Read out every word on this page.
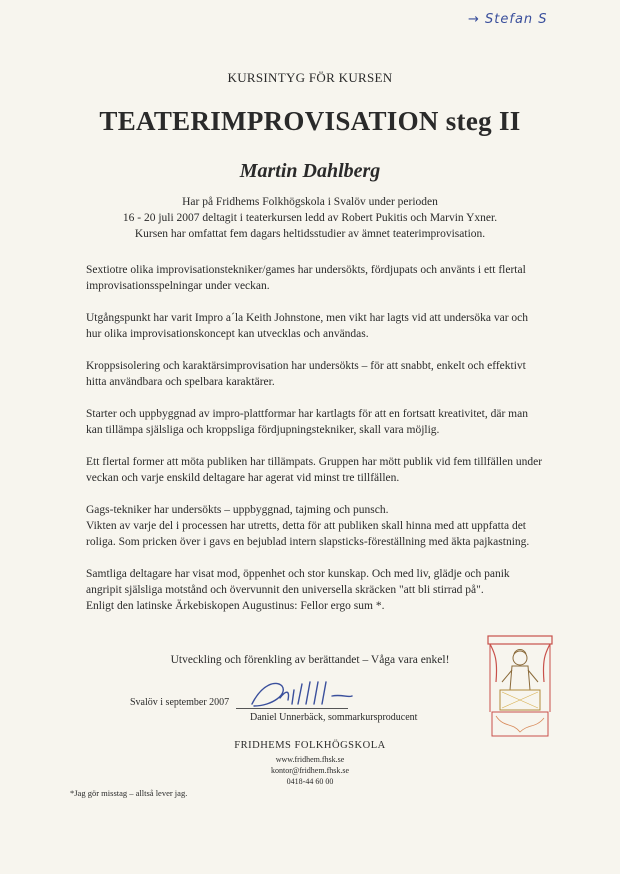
→ Stefan S
KURSINTYG FÖR KURSEN
TEATERIMPROVISATION steg II
Martin Dahlberg
Har på Fridhems Folkhögskola i Svalöv under perioden
16 - 20 juli 2007 deltagit i teaterkursen ledd av Robert Pukitis och Marvin Yxner.
Kursen har omfattat fem dagars heltidsstudier av ämnet teaterimprovisation.

Sextiotre olika improvisationstekniker/games har undersökts, fördjupats och använts i ett flertal improvisationsspelningar under veckan.

Utgångspunkt har varit Impro a´la Keith Johnstone, men vikt har lagts vid att undersöka var och hur olika improvisationskoncept kan utvecklas och användas.

Kroppsisolering och karaktärsimprovisation har undersökts – för att snabbt, enkelt och effektivt hitta användbara och spelbara karaktärer.

Starter och uppbyggnad av impro-plattformar har kartlagts för att en fortsatt kreativitet, där man kan tillämpa själsliga och kroppsliga fördjupningstekniker, skall vara möjlig.

Ett flertal former att möta publiken har tillämpats. Gruppen har mött publik vid fem tillfällen under veckan och varje enskild deltagare har agerat vid minst tre tillfällen.

Gags-tekniker har undersökts – uppbyggnad, tajming och punsch.

Vikten av varje del i processen har utretts, detta för att publiken skall hinna med att uppfatta det roliga. Som pricken över i gavs en bejublad intern slapsticks-föreställning med äkta pajkastning.

Samtliga deltagare har visat mod, öppenhet och stor kunskap. Och med liv, glädje och panik angripit själsliga motstånd och övervunnit den universella skräcken "att bli stirrad på".

Enligt den latinske Ärkebiskopen Augustinus: Fellor ergo sum *.

Utveckling och förenkling av berättandet – Våga vara enkel!
Svalöv i september 2007
Daniel Unnerbäck, sommarkursproducent
FRIDHEMS FOLKHÖGSKOLA
www.fridhem.fhsk.se
kontor@fridhem.fhsk.se
0418-44 60 00
*Jag gör misstag – alltså lever jag.
